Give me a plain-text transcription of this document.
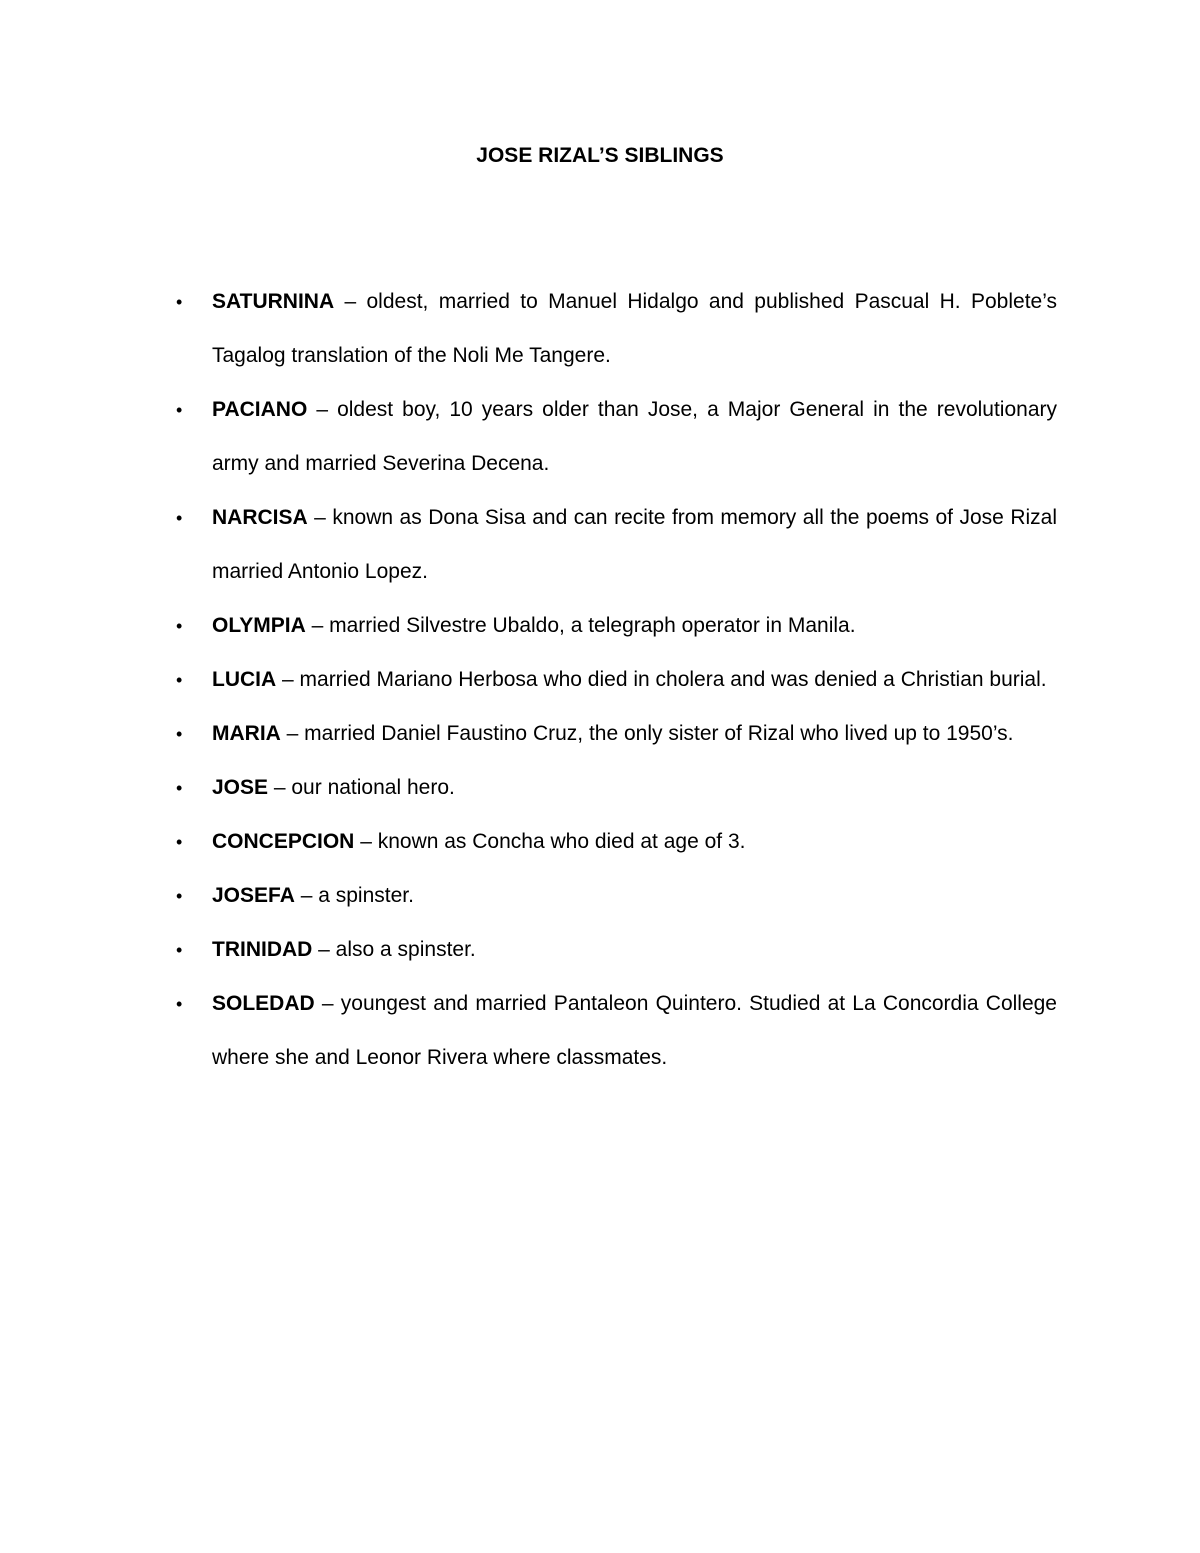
JOSE RIZAL’S SIBLINGS
• SATURNINA – oldest, married to Manuel Hidalgo and published Pascual H. Poblete’s Tagalog translation of the Noli Me Tangere.
• PACIANO – oldest boy, 10 years older than Jose, a Major General in the revolutionary army and married Severina Decena.
• NARCISA – known as Dona Sisa and can recite from memory all the poems of Jose Rizal married Antonio Lopez.
• OLYMPIA – married Silvestre Ubaldo, a telegraph operator in Manila.
• LUCIA – married Mariano Herbosa who died in cholera and was denied a Christian burial.
• MARIA – married Daniel Faustino Cruz, the only sister of Rizal who lived up to 1950’s.
• JOSE – our national hero.
• CONCEPCION – known as Concha who died at age of 3.
• JOSEFA – a spinster.
• TRINIDAD – also a spinster.
• SOLEDAD – youngest and married Pantaleon Quintero. Studied at La Concordia College where she and Leonor Rivera where classmates.
